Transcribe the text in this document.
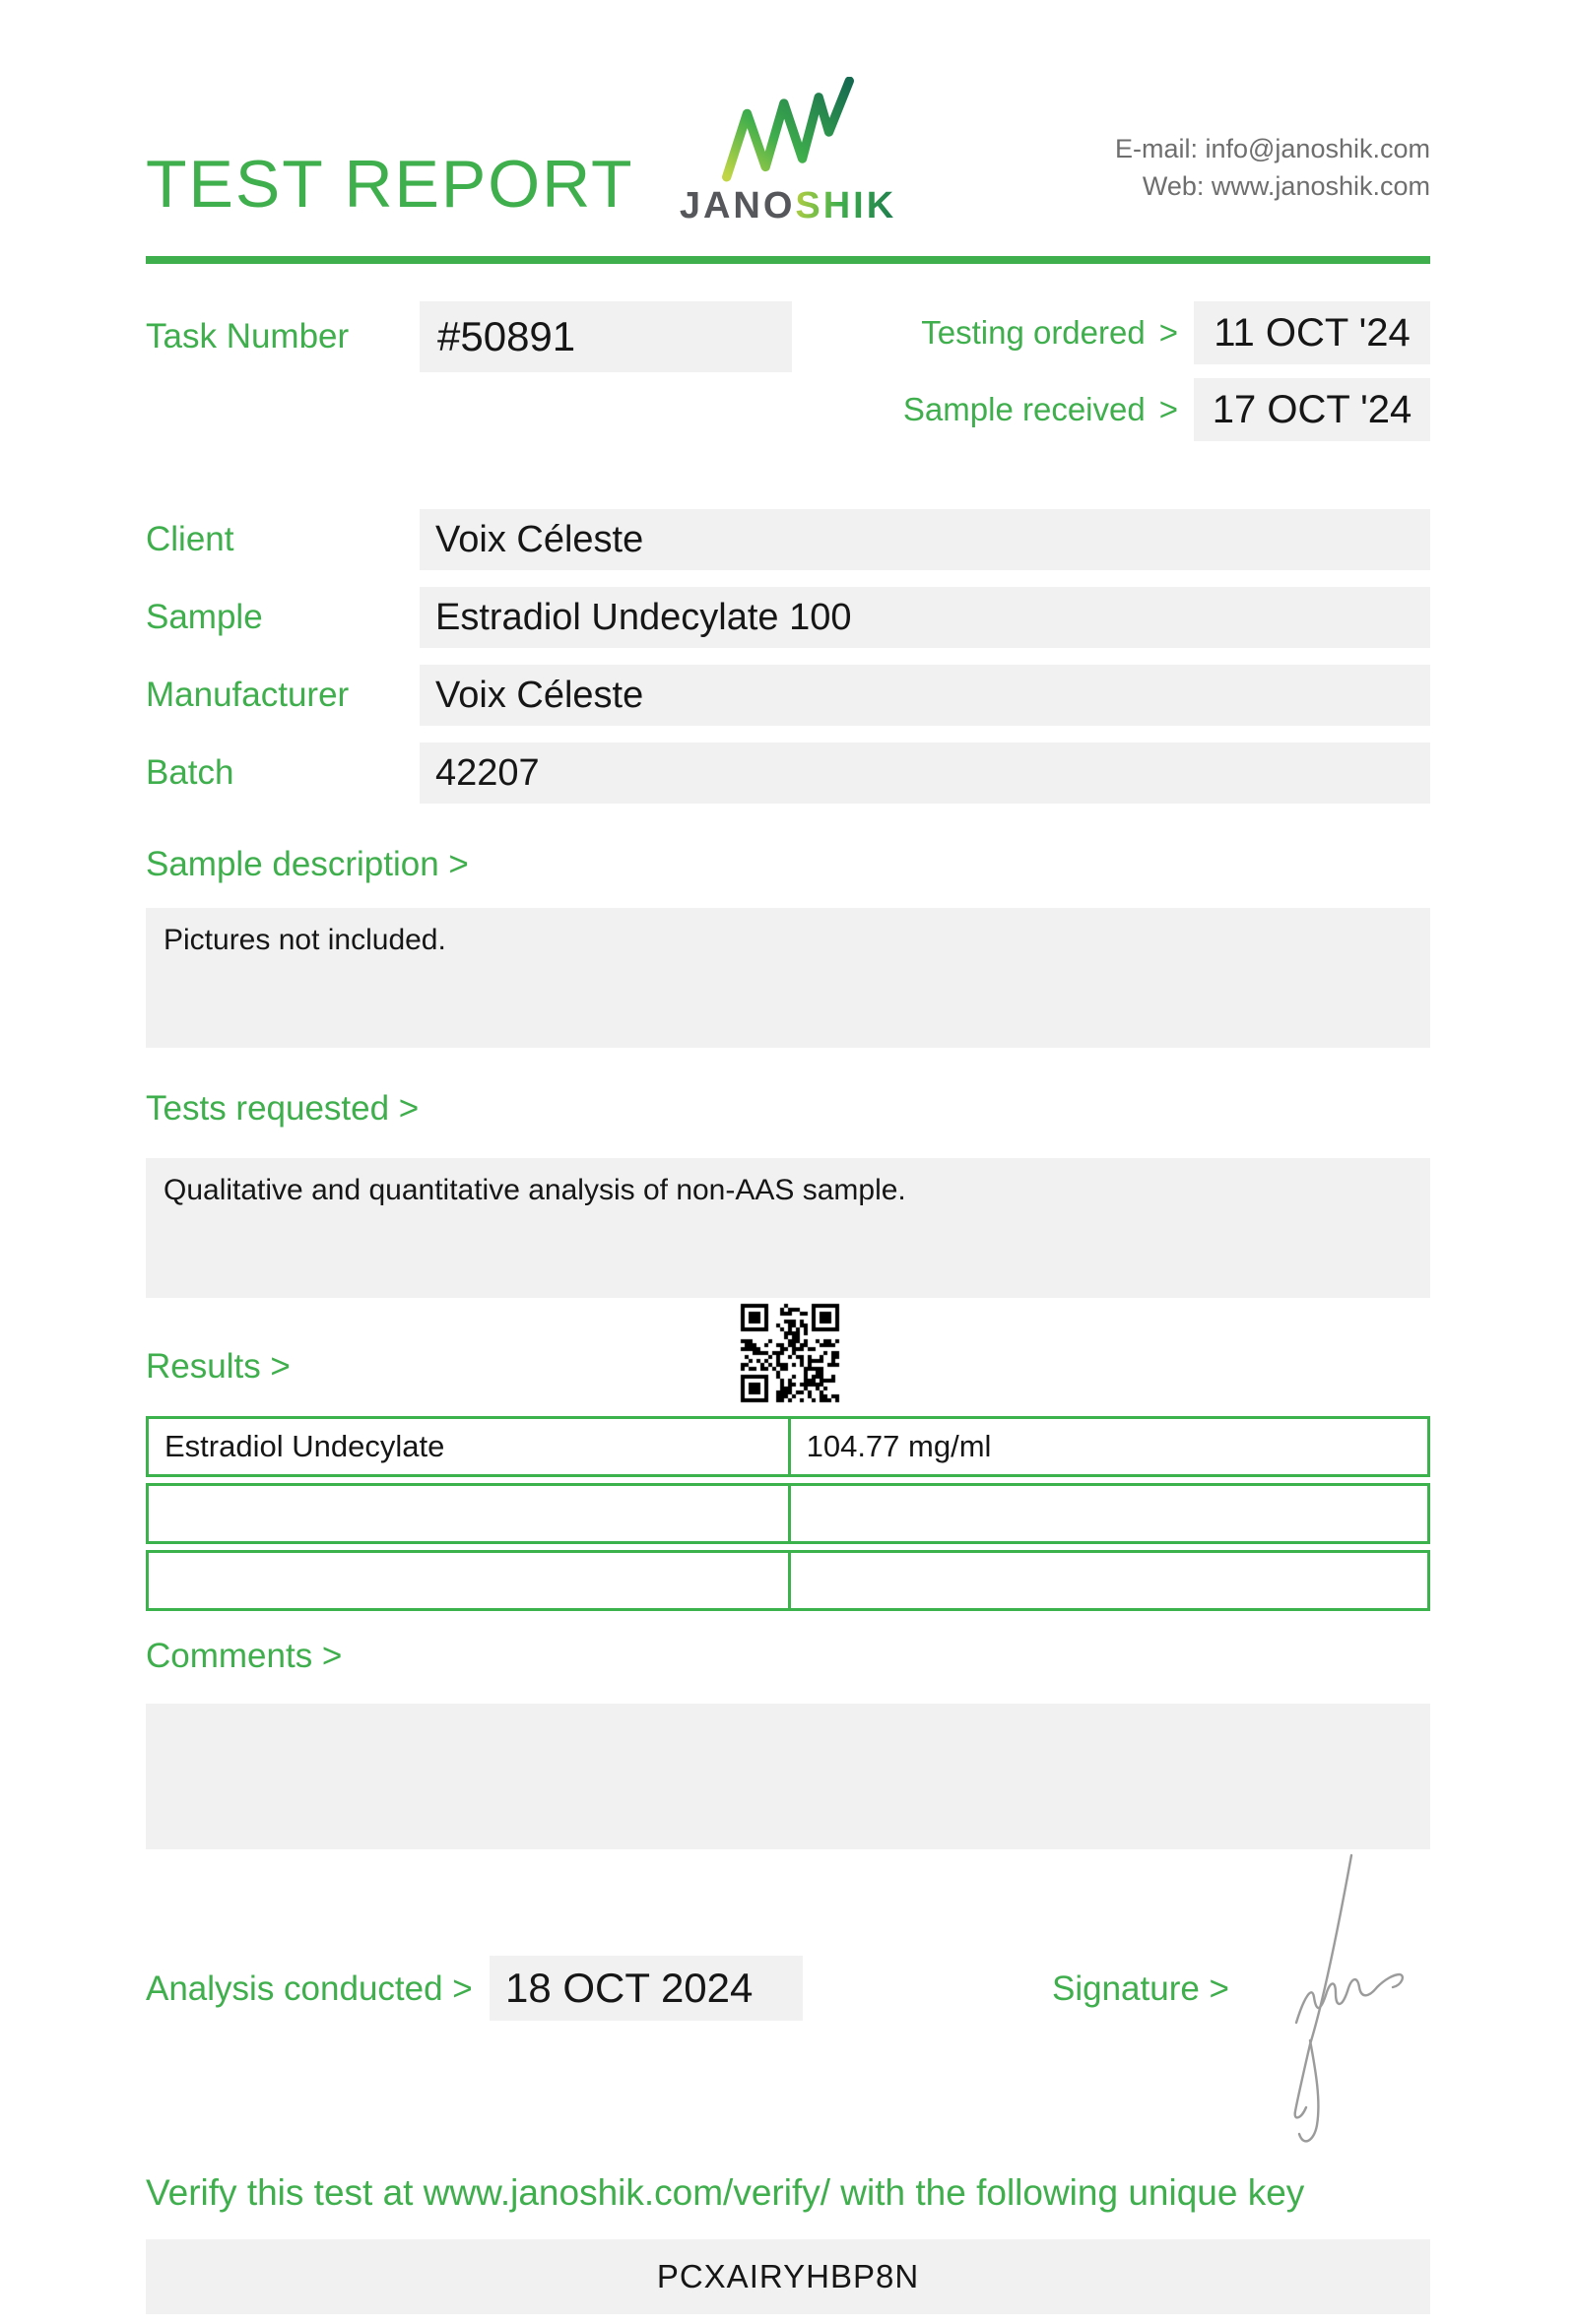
TEST REPORT	JANOSHIK
E-mail: info@janoshik.com
Web: www.janoshik.com
Task Number	#50891	Testing ordered > 11 OCT '24
Sample received > 17 OCT '24
Client	Voix Céleste
Sample	Estradiol Undecylate 100
Manufacturer	Voix Céleste
Batch	42207
Sample description >
Pictures not included.
Tests requested >
Qualitative and quantitative analysis of non-AAS sample.
Results >
Estradiol Undecylate	104.77 mg/ml
Comments >
Analysis conducted > 18 OCT 2024	Signature >
Verify this test at www.janoshik.com/verify/ with the following unique key
PCXAIRYHBP8N
